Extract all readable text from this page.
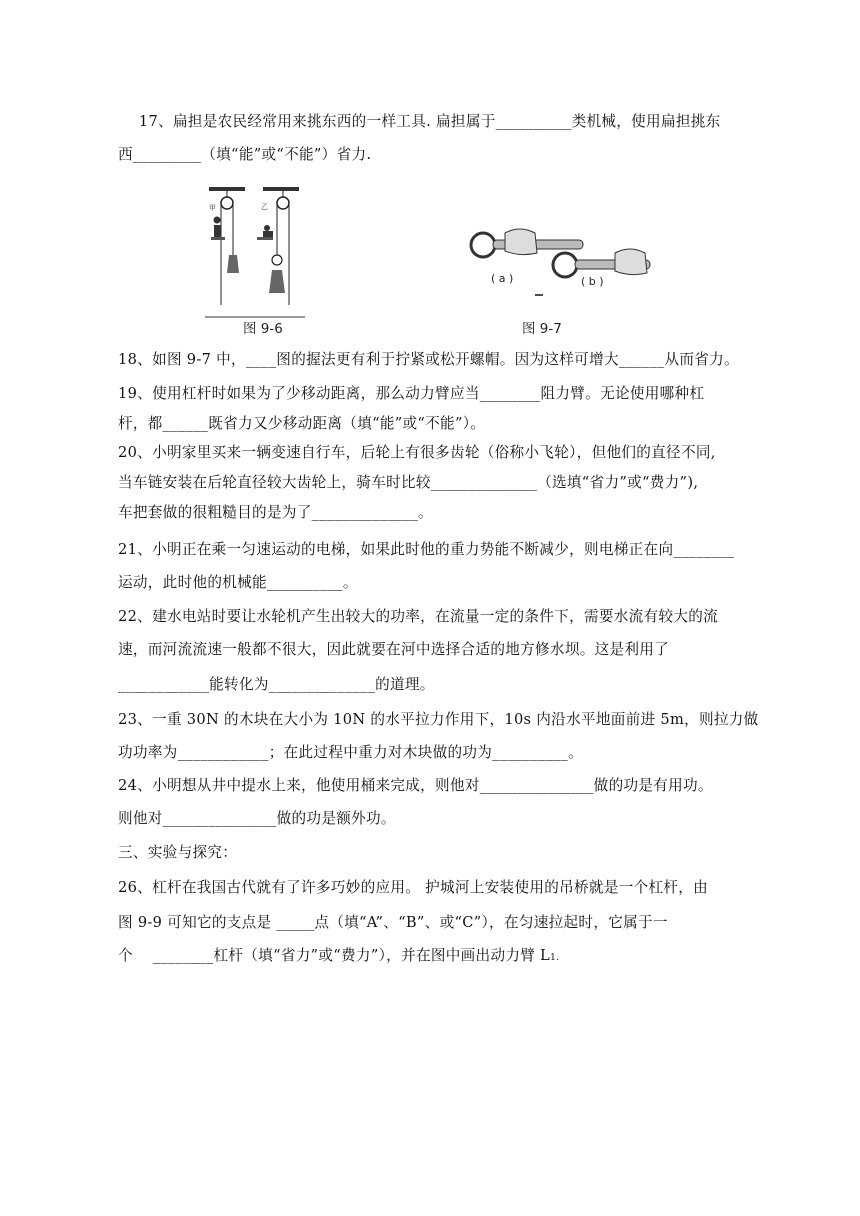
　17、扁担是农民经常用来挑东西的一样工具. 扁担属于__________类机械，使用扁担挑东
西_________（填“能”或“不能”）省力.
甲	乙
图 9-6
( a )	( b )
图 9-7
18、如图 9-7 中，____图的握法更有利于拧紧或松开螺帽。因为这样可增大______从而省力。
19、使用杠杆时如果为了少移动距离，那么动力臂应当________阻力臂。无论使用哪种杠
杆，都______既省力又少移动距离（填“能”或“不能”）。
20、小明家里买来一辆变速自行车，后轮上有很多齿轮（俗称小飞轮），但他们的直径不同,
当车链安装在后轮直径较大齿轮上，骑车时比较______________（选填“省力”或“费力”),
车把套做的很粗糙目的是为了______________。
21、小明正在乘一匀速运动的电梯，如果此时他的重力势能不断减少，则电梯正在向________
运动，此时他的机械能__________。
22、建水电站时要让水轮机产生出较大的功率，在流量一定的条件下，需要水流有较大的流
速，而河流流速一般都不很大，因此就要在河中选择合适的地方修水坝。这是利用了
____________能转化为______________的道理。
23、一重 30N 的木块在大小为 10N 的水平拉力作用下，10s 内沿水平地面前进 5m，则拉力做
功功率为____________；在此过程中重力对木块做的功为__________。
24、小明想从井中提水上来，他使用桶来完成，则他对_______________做的功是有用功。
则他对_______________做的功是额外功。
三、实验与探究：
26、杠杆在我国古代就有了许多巧妙的应用。 护城河上安装使用的吊桥就是一个杠杆，由
图 9-9 可知它的支点是 _____点（填“A”、“B”、或“C”），在匀速拉起时，它属于一
个　 ________杠杆（填“省力”或“费力”），并在图中画出动力臂 L1.
